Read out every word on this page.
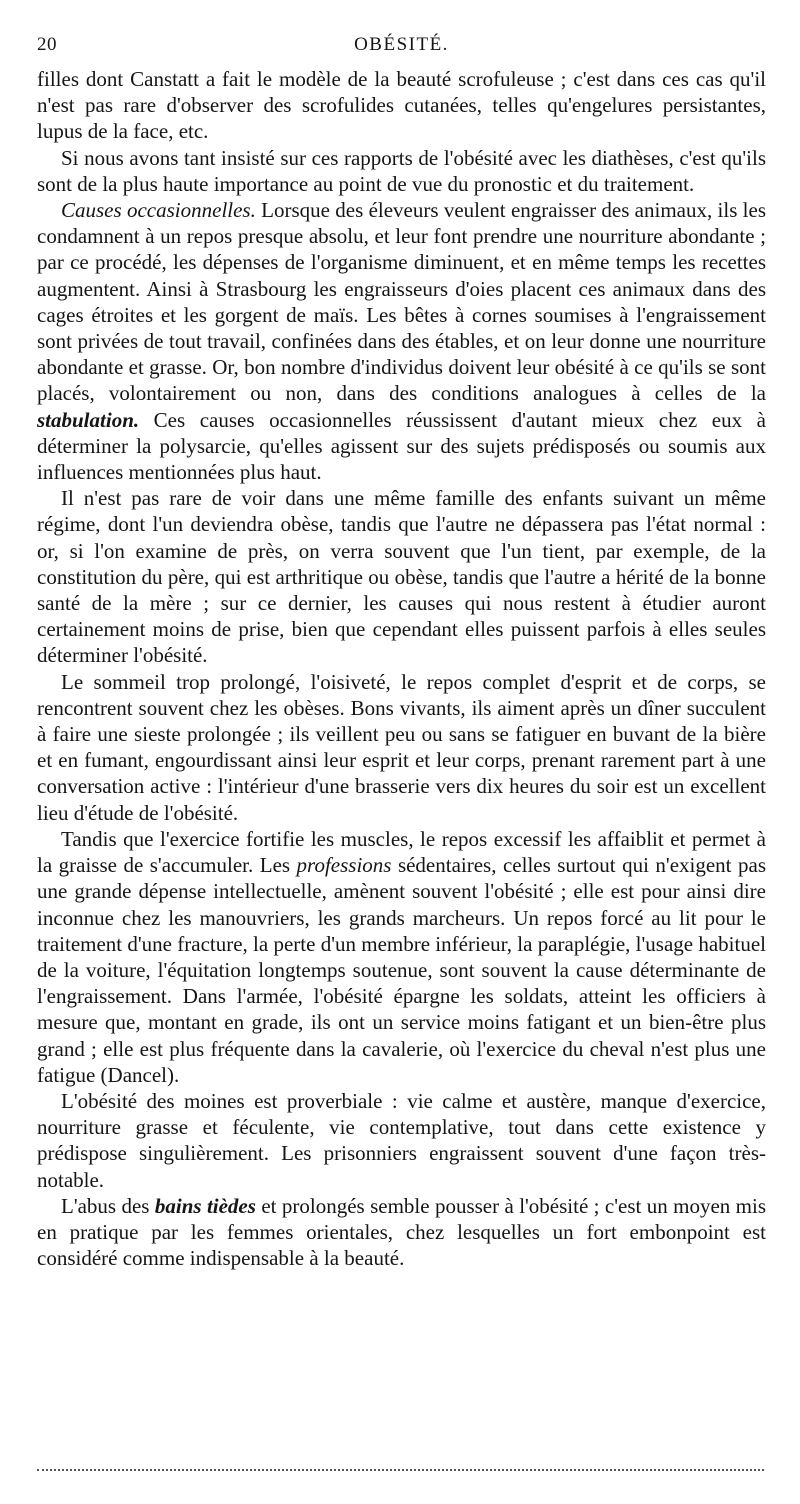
20	OBÉSITÉ.

filles dont Canstatt a fait le modèle de la beauté scrofuleuse ; c'est dans ces cas qu'il n'est pas rare d'observer des scrofulides cutanées, telles qu'engelures persistantes, lupus de la face, etc.

Si nous avons tant insisté sur ces rapports de l'obésité avec les diathèses, c'est qu'ils sont de la plus haute importance au point de vue du pronostic et du traitement.

Causes occasionnelles. Lorsque des éleveurs veulent engraisser des animaux, ils les condamnent à un repos presque absolu, et leur font prendre une nourriture abondante ; par ce procédé, les dépenses de l'organisme diminuent, et en même temps les recettes augmentent. Ainsi à Strasbourg les engraisseurs d'oies placent ces animaux dans des cages étroites et les gorgent de maïs. Les bêtes à cornes soumises à l'engraissement sont privées de tout travail, confinées dans des étables, et on leur donne une nourriture abondante et grasse. Or, bon nombre d'individus doivent leur obésité à ce qu'ils se sont placés, volontairement ou non, dans des conditions analogues à celles de la stabulation. Ces causes occasionnelles réussissent d'autant mieux chez eux à déterminer la polysarcie, qu'elles agissent sur des sujets prédisposés ou soumis aux influences mentionnées plus haut.

Il n'est pas rare de voir dans une même famille des enfants suivant un même régime, dont l'un deviendra obèse, tandis que l'autre ne dépassera pas l'état normal : or, si l'on examine de près, on verra souvent que l'un tient, par exemple, de la constitution du père, qui est arthritique ou obèse, tandis que l'autre a hérité de la bonne santé de la mère ; sur ce dernier, les causes qui nous restent à étudier auront certainement moins de prise, bien que cependant elles puissent parfois à elles seules déterminer l'obésité.

Le sommeil trop prolongé, l'oisiveté, le repos complet d'esprit et de corps, se rencontrent souvent chez les obèses. Bons vivants, ils aiment après un dîner succulent à faire une sieste prolongée ; ils veillent peu ou sans se fatiguer en buvant de la bière et en fumant, engourdissant ainsi leur esprit et leur corps, prenant rarement part à une conversation active : l'intérieur d'une brasserie vers dix heures du soir est un excellent lieu d'étude de l'obésité.

Tandis que l'exercice fortifie les muscles, le repos excessif les affaiblit et permet à la graisse de s'accumuler. Les professions sédentaires, celles surtout qui n'exigent pas une grande dépense intellectuelle, amènent souvent l'obésité ; elle est pour ainsi dire inconnue chez les manouvriers, les grands marcheurs. Un repos forcé au lit pour le traitement d'une fracture, la perte d'un membre inférieur, la paraplégie, l'usage habituel de la voiture, l'équitation longtemps soutenue, sont souvent la cause déterminante de l'engraissement. Dans l'armée, l'obésité épargne les soldats, atteint les officiers à mesure que, montant en grade, ils ont un service moins fatigant et un bien-être plus grand ; elle est plus fréquente dans la cavalerie, où l'exercice du cheval n'est plus une fatigue (Dancel).

L'obésité des moines est proverbiale : vie calme et austère, manque d'exercice, nourriture grasse et féculente, vie contemplative, tout dans cette existence y prédispose singulièrement. Les prisonniers engraissent souvent d'une façon très-notable.

L'abus des bains tièdes et prolongés semble pousser à l'obésité ; c'est un moyen mis en pratique par les femmes orientales, chez lesquelles un fort embonpoint est considéré comme indispensable à la beauté.
